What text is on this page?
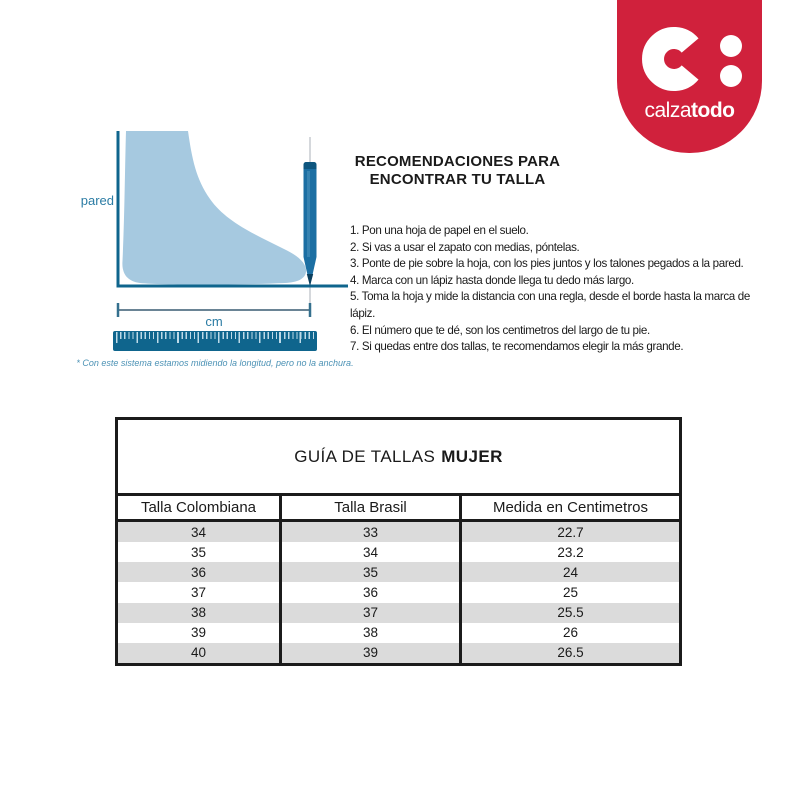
calzatodo
pared
cm
* Con este sistema estamos midiendo la longitud, pero no la anchura.
RECOMENDACIONES PARA
ENCONTRAR TU TALLA

1. Pon una hoja de papel en el suelo.

2. Si vas a usar el zapato con medias, póntelas.

3. Ponte de pie sobre la hoja, con los pies juntos y los talones pegados a la pared.

4. Marca con un lápiz hasta donde llega tu dedo más largo.

5. Toma la hoja y mide la distancia con una regla, desde el borde hasta la marca de lápiz.

6. El número que te dé, son los centimetros del largo de tu pie.

7. Si quedas entre dos tallas, te recomendamos elegir la más grande.

GUÍA DE TALLAS MUJER
Talla Colombiana	Talla Brasil	Medida en Centimetros
34	33	22.7
35	34	23.2
36	35	24
37	36	25
38	37	25.5
39	38	26
40	39	26.5
